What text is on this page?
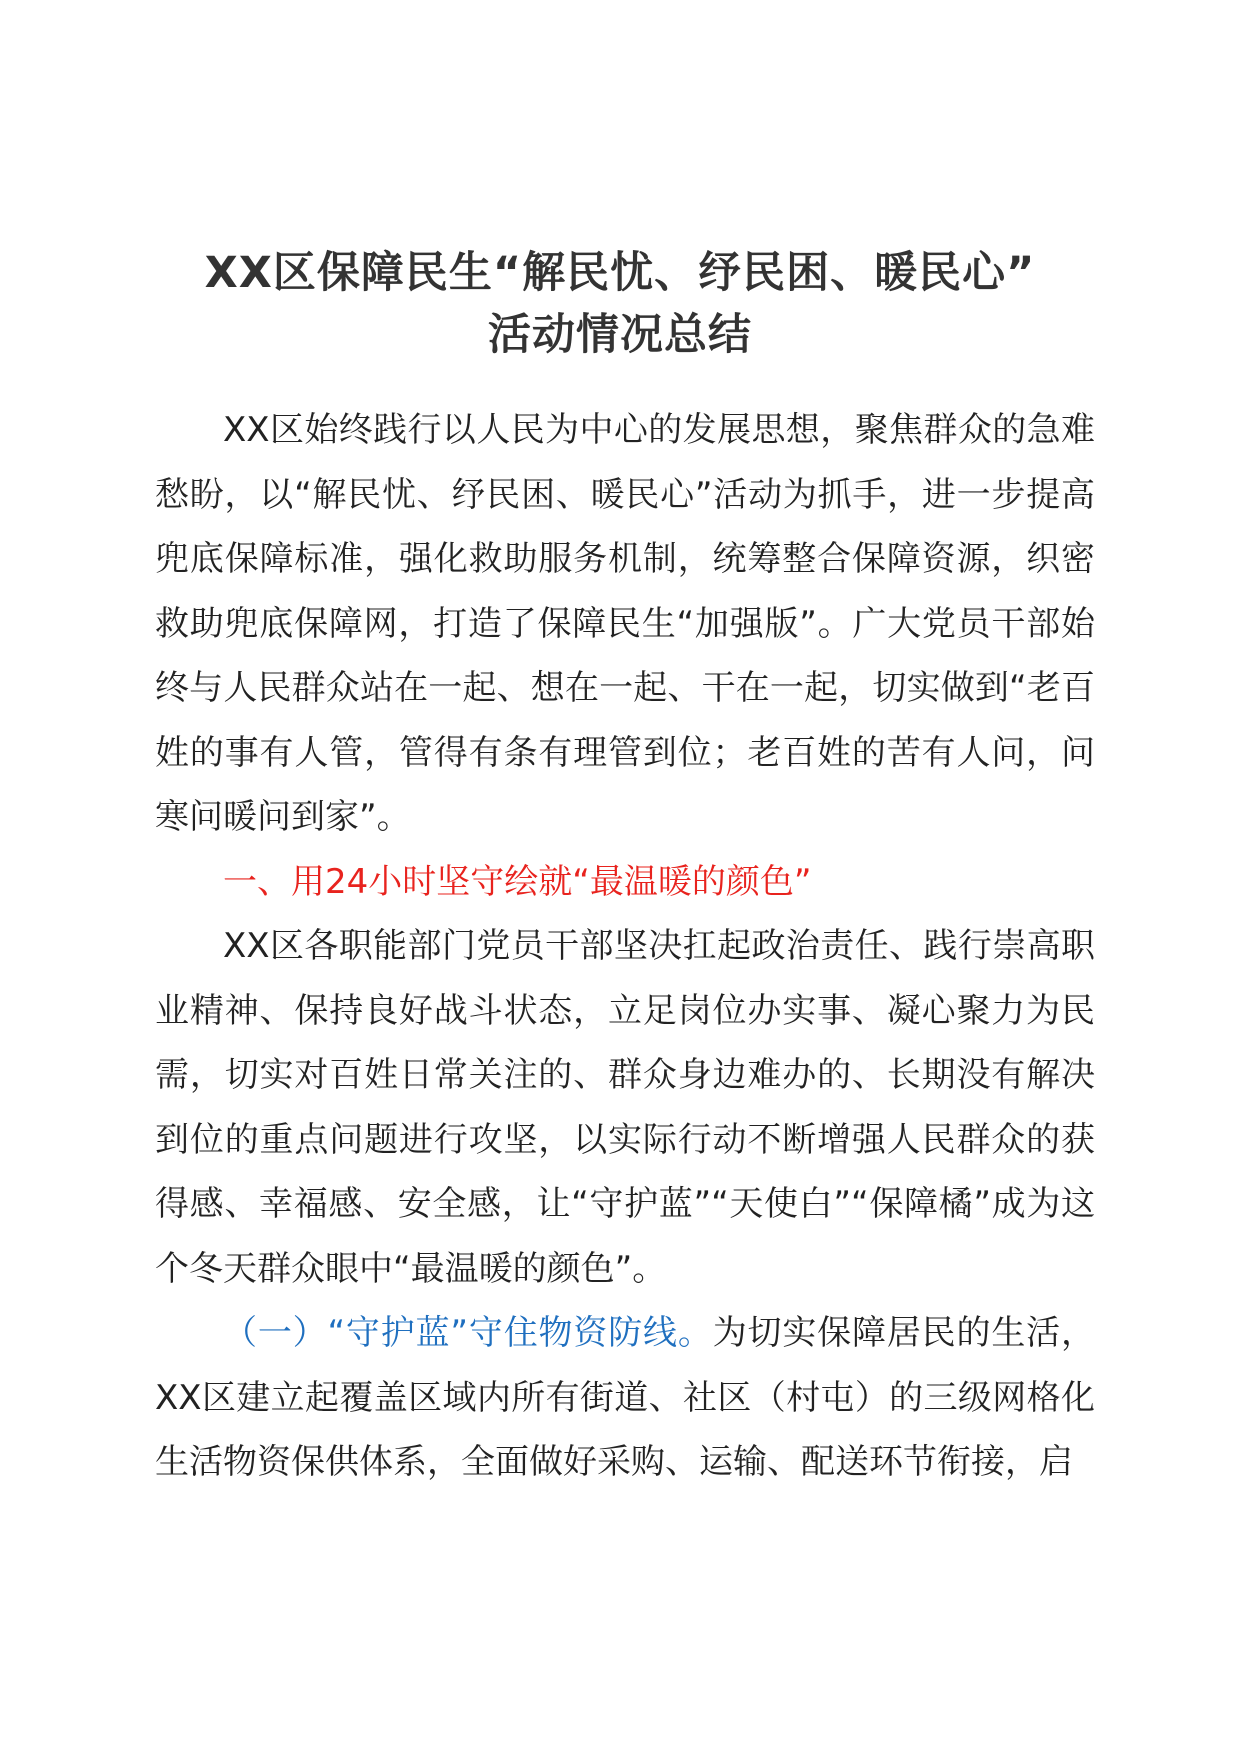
XX区保障民生“解民忧、纾民困、暖民心”
活动情况总结

XX区始终践行以人民为中心的发展思想，聚焦群众的急难愁盼，以“解民忧、纾民困、暖民心”活动为抓手，进一步提高兜底保障标准，强化救助服务机制，统筹整合保障资源，织密救助兜底保障网，打造了保障民生“加强版”。广大党员干部始终与人民群众站在一起、想在一起、干在一起，切实做到“老百姓的事有人管，管得有条有理管到位；老百姓的苦有人问，问寒问暖问到家”。

一、用24小时坚守绘就“最温暖的颜色”

XX区各职能部门党员干部坚决扛起政治责任、践行崇高职业精神、保持良好战斗状态，立足岗位办实事、凝心聚力为民需，切实对百姓日常关注的、群众身边难办的、长期没有解决到位的重点问题进行攻坚，以实际行动不断增强人民群众的获得感、幸福感、安全感，让“守护蓝”“天使白”“保障橘”成为这个冬天群众眼中“最温暖的颜色”。

（一）“守护蓝”守住物资防线。为切实保障居民的生活，XX区建立起覆盖区域内所有街道、社区（村屯）的三级网格化生活物资保供体系，全面做好采购、运输、配送环节衔接，启
